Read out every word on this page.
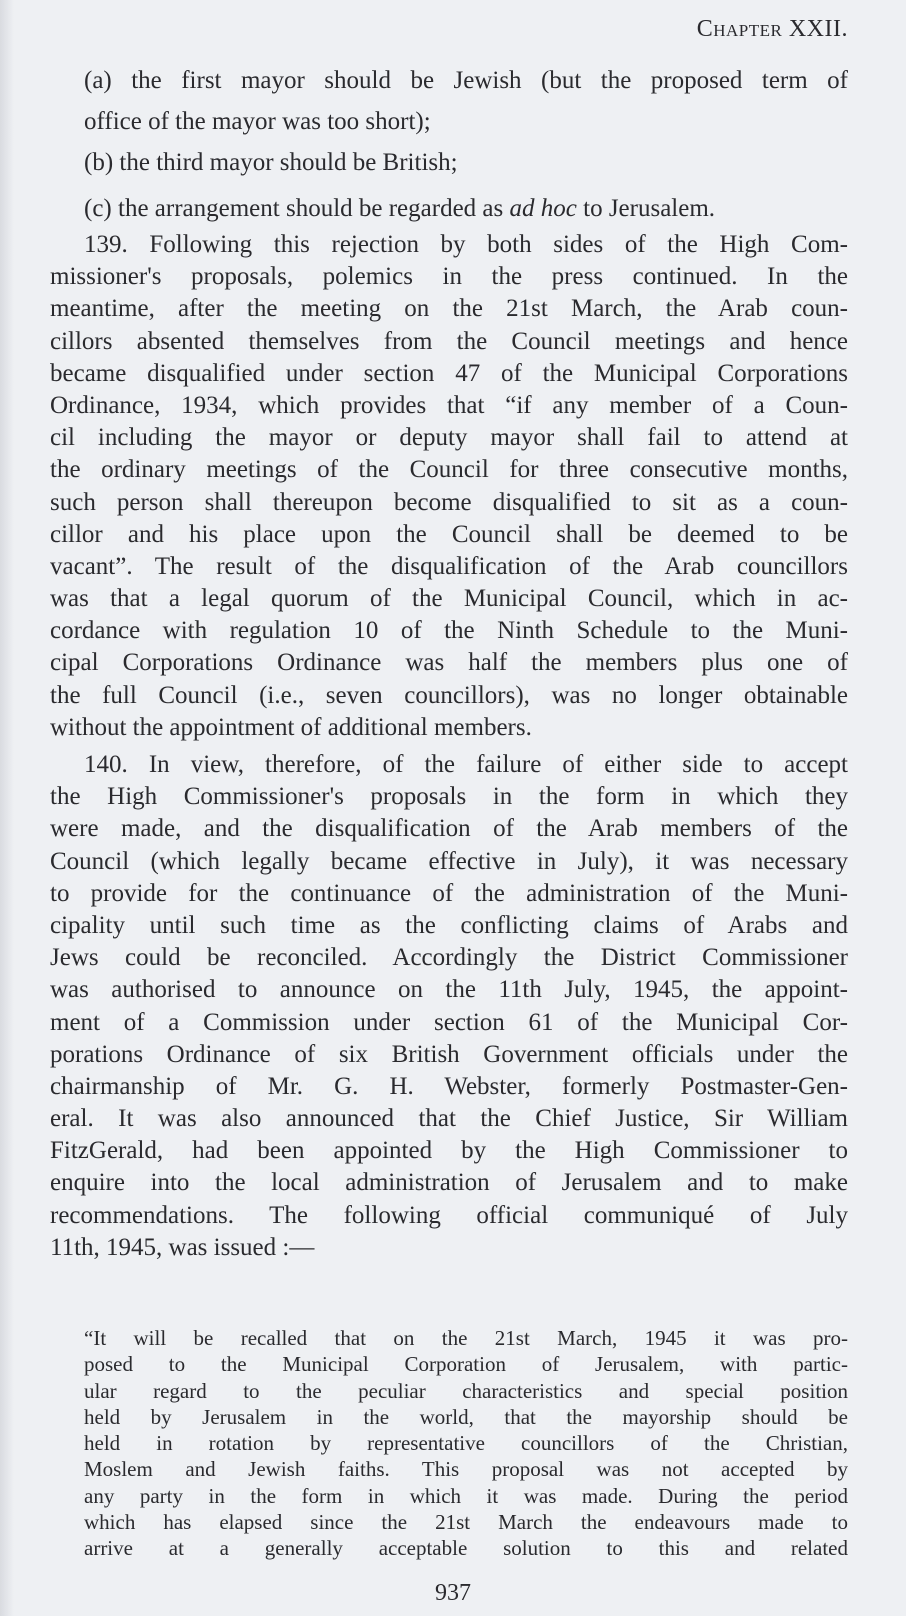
Chapter XXII.
(a) the first mayor should be Jewish (but the proposed term of
office of the mayor was too short);
(b) the third mayor should be British;
(c) the arrangement should be regarded as ad hoc to Jerusalem.
139. Following this rejection by both sides of the High Com-
missioner's proposals, polemics in the press continued. In the
meantime, after the meeting on the 21st March, the Arab coun-
cillors absented themselves from the Council meetings and hence
became disqualified under section 47 of the Municipal Corporations
Ordinance, 1934, which provides that “if any member of a Coun-
cil including the mayor or deputy mayor shall fail to attend at
the ordinary meetings of the Council for three consecutive months,
such person shall thereupon become disqualified to sit as a coun-
cillor and his place upon the Council shall be deemed to be
vacant”. The result of the disqualification of the Arab councillors
was that a legal quorum of the Municipal Council, which in ac-
cordance with regulation 10 of the Ninth Schedule to the Muni-
cipal Corporations Ordinance was half the members plus one of
the full Council (i.e., seven councillors), was no longer obtainable
without the appointment of additional members.
140. In view, therefore, of the failure of either side to accept
the High Commissioner's proposals in the form in which they
were made, and the disqualification of the Arab members of the
Council (which legally became effective in July), it was necessary
to provide for the continuance of the administration of the Muni-
cipality until such time as the conflicting claims of Arabs and
Jews could be reconciled. Accordingly the District Commissioner
was authorised to announce on the 11th July, 1945, the appoint-
ment of a Commission under section 61 of the Municipal Cor-
porations Ordinance of six British Government officials under the
chairmanship of Mr. G. H. Webster, formerly Postmaster-Gen-
eral. It was also announced that the Chief Justice, Sir William
FitzGerald, had been appointed by the High Commissioner to
enquire into the local administration of Jerusalem and to make
recommendations. The following official communiqué of July
11th, 1945, was issued :—
“It will be recalled that on the 21st March, 1945 it was pro-
posed to the Municipal Corporation of Jerusalem, with partic-
ular regard to the peculiar characteristics and special position
held by Jerusalem in the world, that the mayorship should be
held in rotation by representative councillors of the Christian,
Moslem and Jewish faiths. This proposal was not accepted by
any party in the form in which it was made. During the period
which has elapsed since the 21st March the endeavours made to
arrive at a generally acceptable solution to this and related
937
